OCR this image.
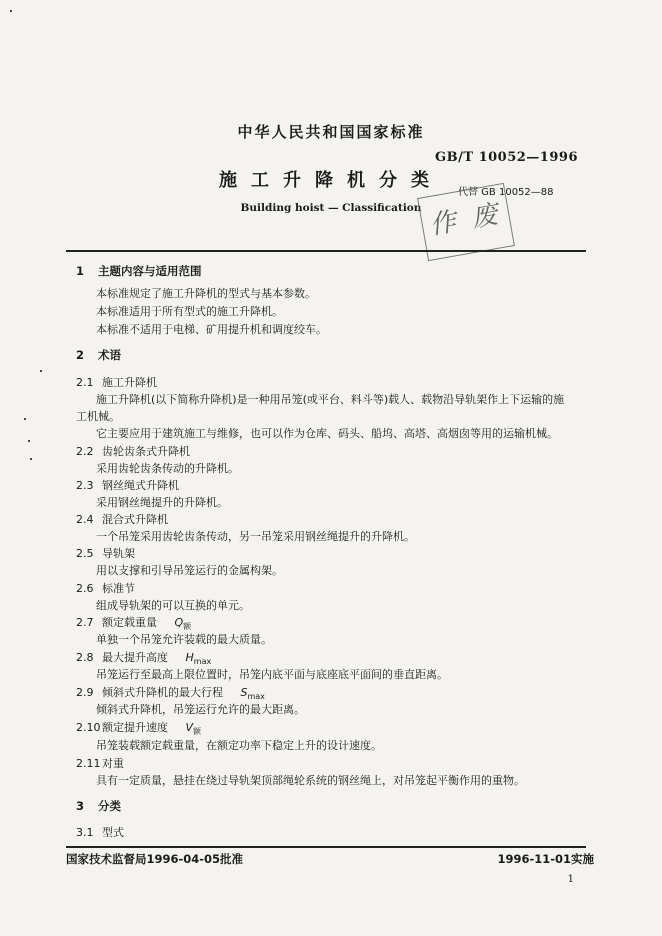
中华人民共和国国家标准
GB/T 10052—1996
施工升降机分类
代替 GB 10052—88
Building hoist — Classification 作 废
1 主题内容与适用范围
本标准规定了施工升降机的型式与基本参数。
本标准适用于所有型式的施工升降机。
本标准不适用于电梯、矿用提升机和调度绞车。
2 术语
2.1 施工升降机
施工升降机(以下简称升降机)是一种用吊笼(或平台、料斗等)载人、载物沿导轨架作上下运输的施
工机械。
它主要应用于建筑施工与维修，也可以作为仓库、码头、船坞、高塔、高烟囱等用的运输机械。
2.2 齿轮齿条式升降机
采用齿轮齿条传动的升降机。
2.3 钢丝绳式升降机
采用钢丝绳提升的升降机。
2.4 混合式升降机
一个吊笼采用齿轮齿条传动，另一吊笼采用钢丝绳提升的升降机。
2.5 导轨架
用以支撑和引导吊笼运行的金属构架。
2.6 标准节
组成导轨架的可以互换的单元。
2.7 额定载重量 $Q_额$
单独一个吊笼允许装载的最大质量。
2.8 最大提升高度 $H_{max}$
吊笼运行至最高上限位置时，吊笼内底平面与底座底平面间的垂直距离。
2.9 倾斜式升降机的最大行程 $S_{max}$
倾斜式升降机，吊笼运行允许的最大距离。
2.10 额定提升速度 $V_额$
吊笼装载额定载重量，在额定功率下稳定上升的设计速度。
2.11 对重
具有一定质量，悬挂在绕过导轨架顶部绳轮系统的钢丝绳上，对吊笼起平衡作用的重物。
3 分类
3.1 型式
国家技术监督局1996-04-05批准	1996-11-01实施
1
